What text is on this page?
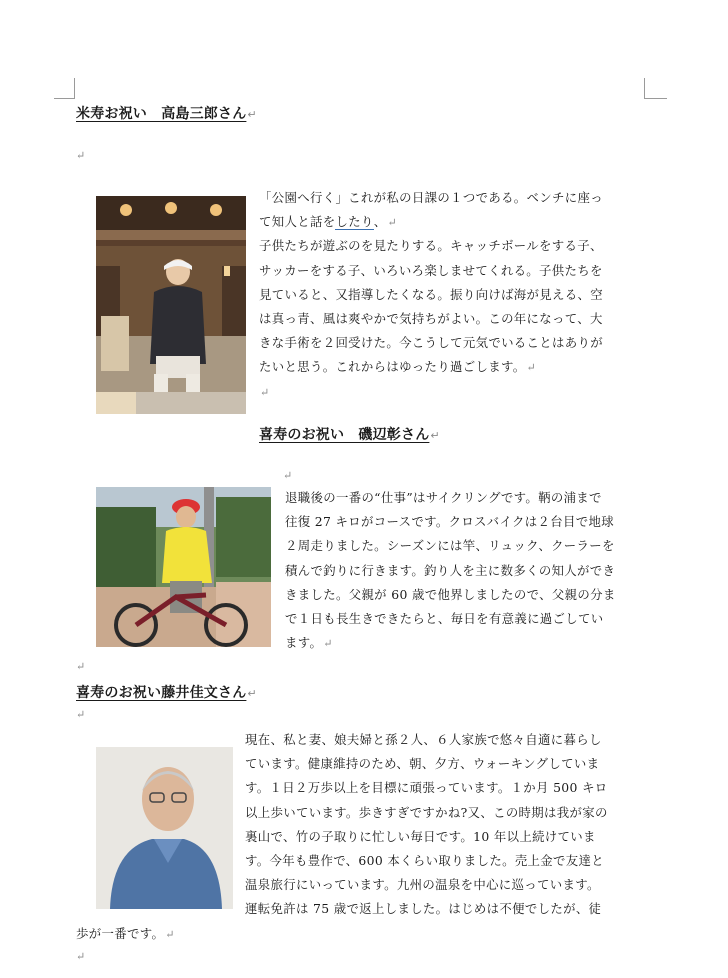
米寿お祝い　高島三郎さん↵
↵
「公園へ行く」これが私の日課の１つである。ベンチに座っ
て知人と話をしたり、↵
子供たちが遊ぶのを見たりする。キャッチボールをする子、
サッカーをする子、いろいろ楽しませてくれる。子供たちを
見ていると、又指導したくなる。振り向けば海が見える、空
は真っ青、風は爽やかで気持ちがよい。この年になって、大
きな手術を２回受けた。今こうして元気でいることはありが
たいと思う。これからはゆったり過ごします。↵
↵
喜寿のお祝い　磯辺彰さん↵
↵
退職後の一番の“仕事”はサイクリングです。鞆の浦まで
往復 27 キロがコースです。クロスバイクは２台目で地球
２周走りました。シーズンには竿、リュック、クーラーを
積んで釣りに行きます。釣り人を主に数多くの知人ができ
きました。父親が 60 歳で他界しましたので、父親の分ま
で１日も長生きできたらと、毎日を有意義に過ごしてい
ます。↵
↵
喜寿のお祝い藤井佳文さん↵
↵
現在、私と妻、娘夫婦と孫２人、６人家族で悠々自適に暮らし
ています。健康維持のため、朝、夕方、ウォーキングしていま
す。１日２万歩以上を目標に頑張っています。１か月 500 キロ
以上歩いています。歩きすぎですかね?又、この時期は我が家の
裏山で、竹の子取りに忙しい毎日です。10 年以上続けていま
す。今年も豊作で、600 本くらい取りました。売上金で友達と
温泉旅行にいっています。九州の温泉を中心に巡っています。
運転免許は 75 歳で返上しました。はじめは不便でしたが、徒
歩が一番です。↵
↵
